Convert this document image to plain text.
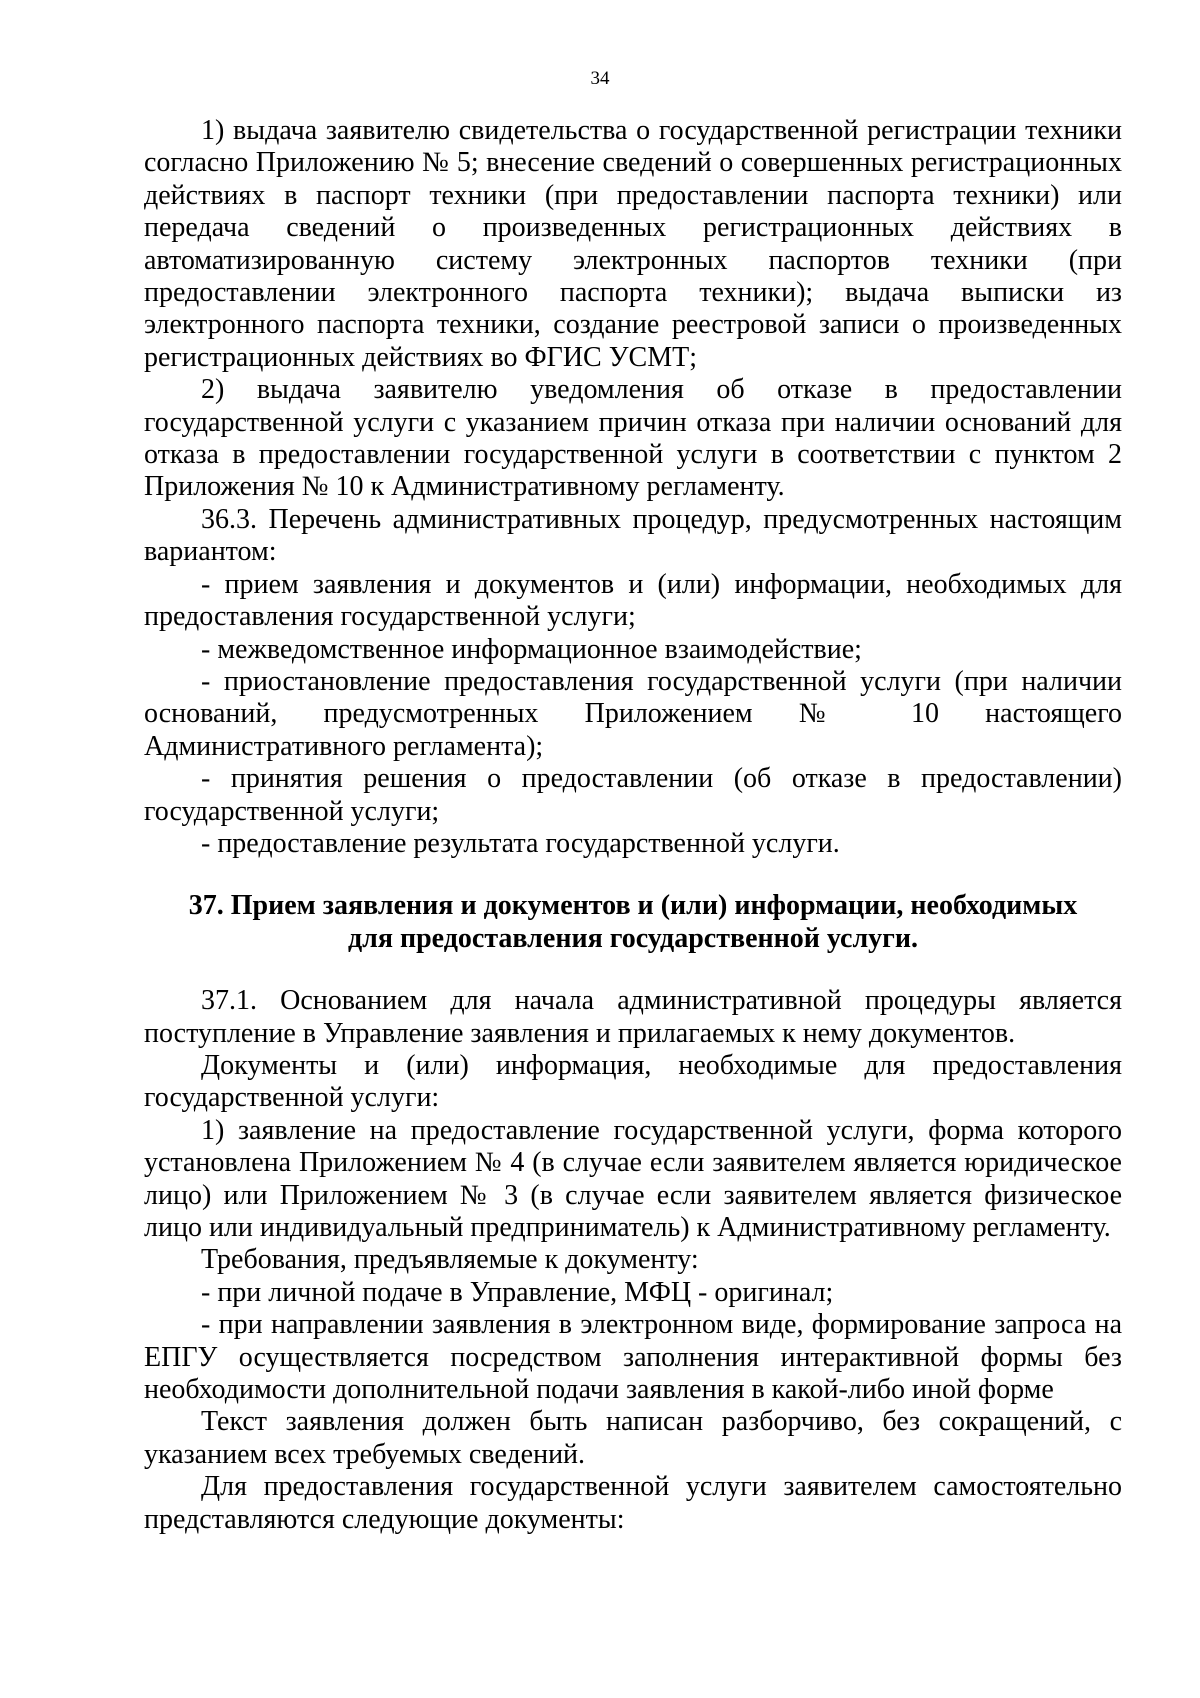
34

1) выдача заявителю свидетельства о государственной регистрации техники согласно Приложению № 5; внесение сведений о совершенных регистрационных действиях в паспорт техники (при предоставлении паспорта техники) или передача сведений о произведенных регистрационных действиях в автоматизированную систему электронных паспортов техники (при предоставлении электронного паспорта техники); выдача выписки из электронного паспорта техники, создание реестровой записи о произведенных регистрационных действиях во ФГИС УСМТ;

2) выдача заявителю уведомления об отказе в предоставлении государственной услуги с указанием причин отказа при наличии оснований для отказа в предоставлении государственной услуги в соответствии с пунктом 2 Приложения № 10 к Административному регламенту.

36.3. Перечень административных процедур, предусмотренных настоящим вариантом:

- прием заявления и документов и (или) информации, необходимых для предоставления государственной услуги;

- межведомственное информационное взаимодействие;

- приостановление предоставления государственной услуги (при наличии оснований, предусмотренных Приложением № 10 настоящего Административного регламента);

- принятия решения о предоставлении (об отказе в предоставлении) государственной услуги;

- предоставление результата государственной услуги.

37. Прием заявления и документов и (или) информации, необходимых
для предоставления государственной услуги.

37.1. Основанием для начала административной процедуры является поступление в Управление заявления и прилагаемых к нему документов.

Документы и (или) информация, необходимые для предоставления государственной услуги:

1) заявление на предоставление государственной услуги, форма которого установлена Приложением № 4 (в случае если заявителем является юридическое лицо) или Приложением № 3 (в случае если заявителем является физическое лицо или индивидуальный предприниматель) к Административному регламенту.

Требования, предъявляемые к документу:

- при личной подаче в Управление, МФЦ - оригинал;

- при направлении заявления в электронном виде, формирование запроса на ЕПГУ осуществляется посредством заполнения интерактивной формы без необходимости дополнительной подачи заявления в какой-либо иной форме

Текст заявления должен быть написан разборчиво, без сокращений, с указанием всех требуемых сведений.

Для предоставления государственной услуги заявителем самостоятельно представляются следующие документы:
